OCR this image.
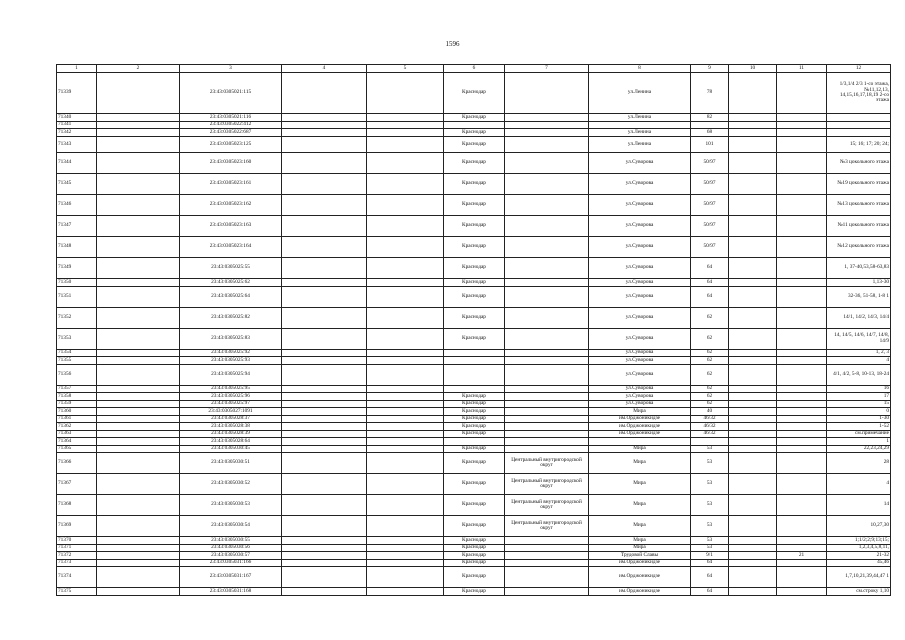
1596
1	2	3	4	5	6	7	8	9	10	11	12
71339		23:43:0305021:115			Краснодар		ул.Ленина	78			1/3,1/4 2/3 1-со этажа,№11,12,13, 14,15,16,17,18,19 2-со этажа
71340		23:43:0305021:116			Краснодар		ул.Ленина	82			
71341		23:43:0305022:412									
71342		23:43:0305022:687			Краснодар		ул.Ленина	68			
71343		23:43:0305023:125			Краснодар		ул.Ленина	101			15; 16; 17; 20; 24;
71344		23:43:0305023:160			Краснодар		ул.Суворова	50/97			№3 цокольного этажа
71345		23:43:0305023:161			Краснодар		ул.Суворова	50/97			№19 цокольного этажа
71346		23:43:0305023:162			Краснодар		ул.Суворова	50/97			№13 цокольного этажа
71347		23:43:0305023:163			Краснодар		ул.Суворова	50/97			№11 цокольного этажа
71348		23:43:0305023:164			Краснодар		ул.Суворова	50/97			№12 цокольного этажа
71349		23:43:0305025:55			Краснодар		ул.Суворова	64			1, 37-40,53,58-63,83
71350		23:43:0305025:62			Краснодар		ул.Суворова	64			1,13-30
71351		23:43:0305025:64			Краснодар		ул.Суворова	64			32-36, 51-58, 1-8 1
71352		23:43:0305025:82			Краснодар		ул.Суворова	62			14/1, 14/2, 14/3, 14/4
71353		23:43:0305025:83			Краснодар		ул.Суворова	62			14, 14/5, 14/6, 14/7, 14/8, 14/9
71354		23:43:0305025:92					ул.Суворова	62			1, 2, 3
71355		23:43:0305025:93					ул.Суворова	62			4
71356		23:43:0305025:94					ул.Суворова	62			4/1, 4/2, 5-8, 10-13, 18-24
71357		23:43:0305025:95					ул.Суворова	62			16
71358		23:43:0305025:96			Краснодар		ул.Суворова	62			17
71359		23:43:0305025:97			Краснодар		ул.Суворова	62			15
71360		23:43:0305027:1091			Краснодар		Мира	40			0
71361		23:43:0305028:37			Краснодар		им.Орджоникидзе	46/32			1-30
71362		23:43:0305028:38			Краснодар		им.Орджоникидзе	46/32			1-52
71363		23:43:0305028:39			Краснодар		им.Орджоникидзе	46/32			см.примечание
71364		23:43:0305028:64									1
71365		23:43:0305030:45			Краснодар		Мира	53			22,23,24,29
71366		23:43:0305030:51			Краснодар	Центральный внутригородской округ	Мира	53			28
71367		23:43:0305030:52			Краснодар	Центральный внутригородской округ	Мира	53			4
71368		23:43:0305030:53			Краснодар	Центральный внутригородской округ	Мира	53			14
71369		23:43:0305030:54			Краснодар	Центральный внутригородской округ	Мира	53			10,27,30
71370		23:43:0305030:55			Краснодар		Мира	53			1;1/2;2;9;13;15;
71371		23:43:0305030:56			Краснодар		Мира	53			1,2,3,4,5,8,11,
71372		23:43:0305030:57			Краснодар		Трудовой Славы	9/1		21	21-32
71373		23:43:0305031:166			Краснодар		им.Орджоникидзе	64			45,46
71374		23:43:0305031:167			Краснодар		им.Орджоникидзе	64			1,7,10,21,39,44,47 1
71375		23:43:0305031:168			Краснодар		им.Орджоникидзе	64			см.строку 1,10
